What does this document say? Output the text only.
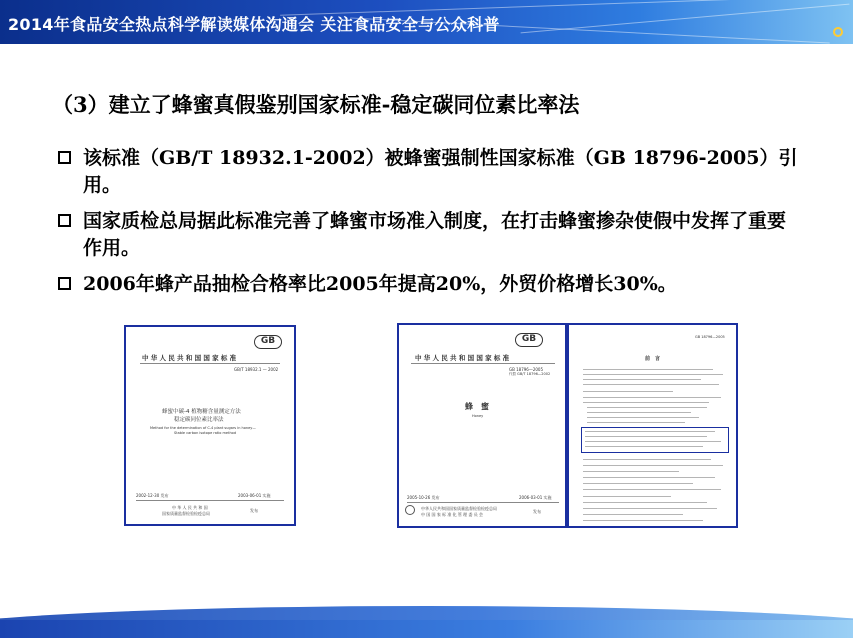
2014年食品安全热点科学解读媒体沟通会 关注食品安全与公众科普
（3）建立了蜂蜜真假鉴别国家标准-稳定碳同位素比率法
该标准（GB/T 18932.1-2002）被蜂蜜强制性国家标准（GB 18796-2005）引用。
国家质检总局据此标准完善了蜂蜜市场准入制度，在打击蜂蜜掺杂使假中发挥了重要作用。
2006年蜂产品抽检合格率比2005年提高20%，外贸价格增长30%。
GB
中 华 人 民 共 和 国 国 家 标 准
GB/T 18932.1 — 2002
蜂蜜中碳-4 植物糖含量测定方法
稳定碳同位素比率法
Method for the determination of C-4 plant sugars in honey—
Stable carbon isotope ratio method
2002-12-30 发布	2003-06-01 实施
中 华 人 民 共 和 国
国家质量监督检验检疫总局
发布
GB
中 华 人 民 共 和 国 国 家 标 准
GB 18796—2005
代替 GB/T 18796—2002
蜂　蜜
Honey
2005-10-26 发布	2006-03-01 实施
中华人民共和国国家质量监督检验检疫总局
中 国 国 家 标 准 化 管 理 委 员 会
发布
GB 18796—2005
前　言
